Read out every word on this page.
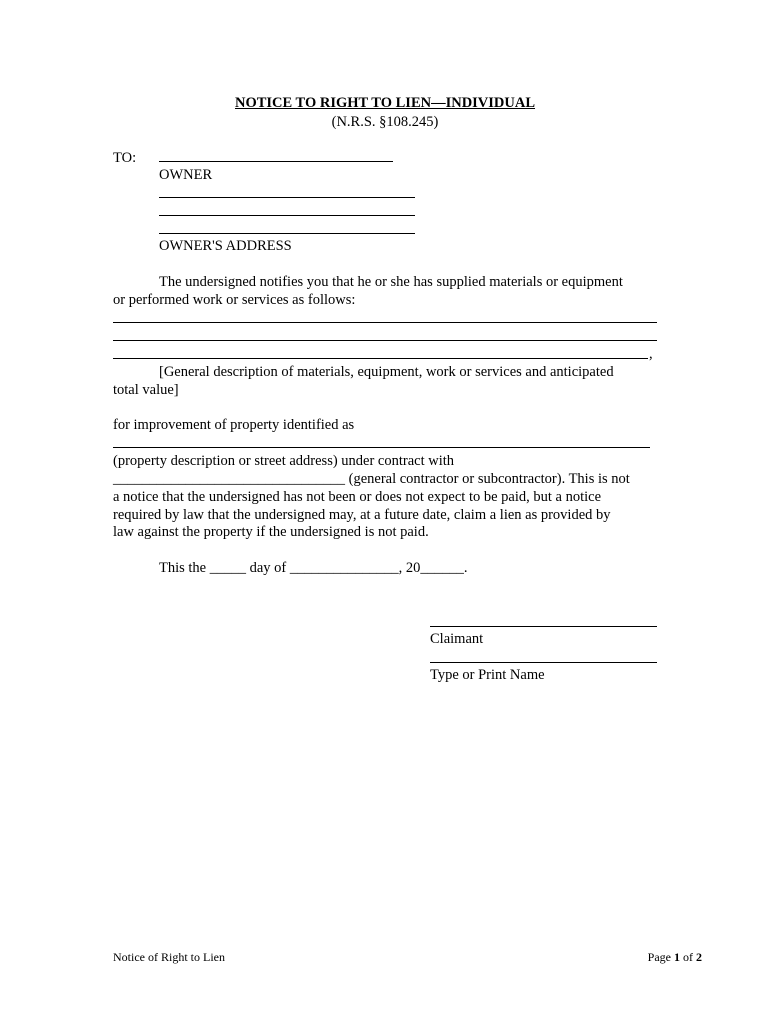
NOTICE TO RIGHT TO LIEN—INDIVIDUAL
(N.R.S. §108.245)
TO:
OWNER
OWNER'S ADDRESS
The undersigned notifies you that he or she has supplied materials or equipment
or performed work or services as follows:
,
[General description of materials, equipment, work or services and anticipated
total value]
for improvement of property identified as
(property description or street address) under contract with
________________________________ (general contractor or subcontractor). This is not
a notice that the undersigned has not been or does not expect to be paid, but a notice
required by law that the undersigned may, at a future date, claim a lien as provided by
law against the property if the undersigned is not paid.
This the _____ day of _______________, 20______.
Claimant
Type or Print Name
Notice of Right to Lien	Page 1 of 2
